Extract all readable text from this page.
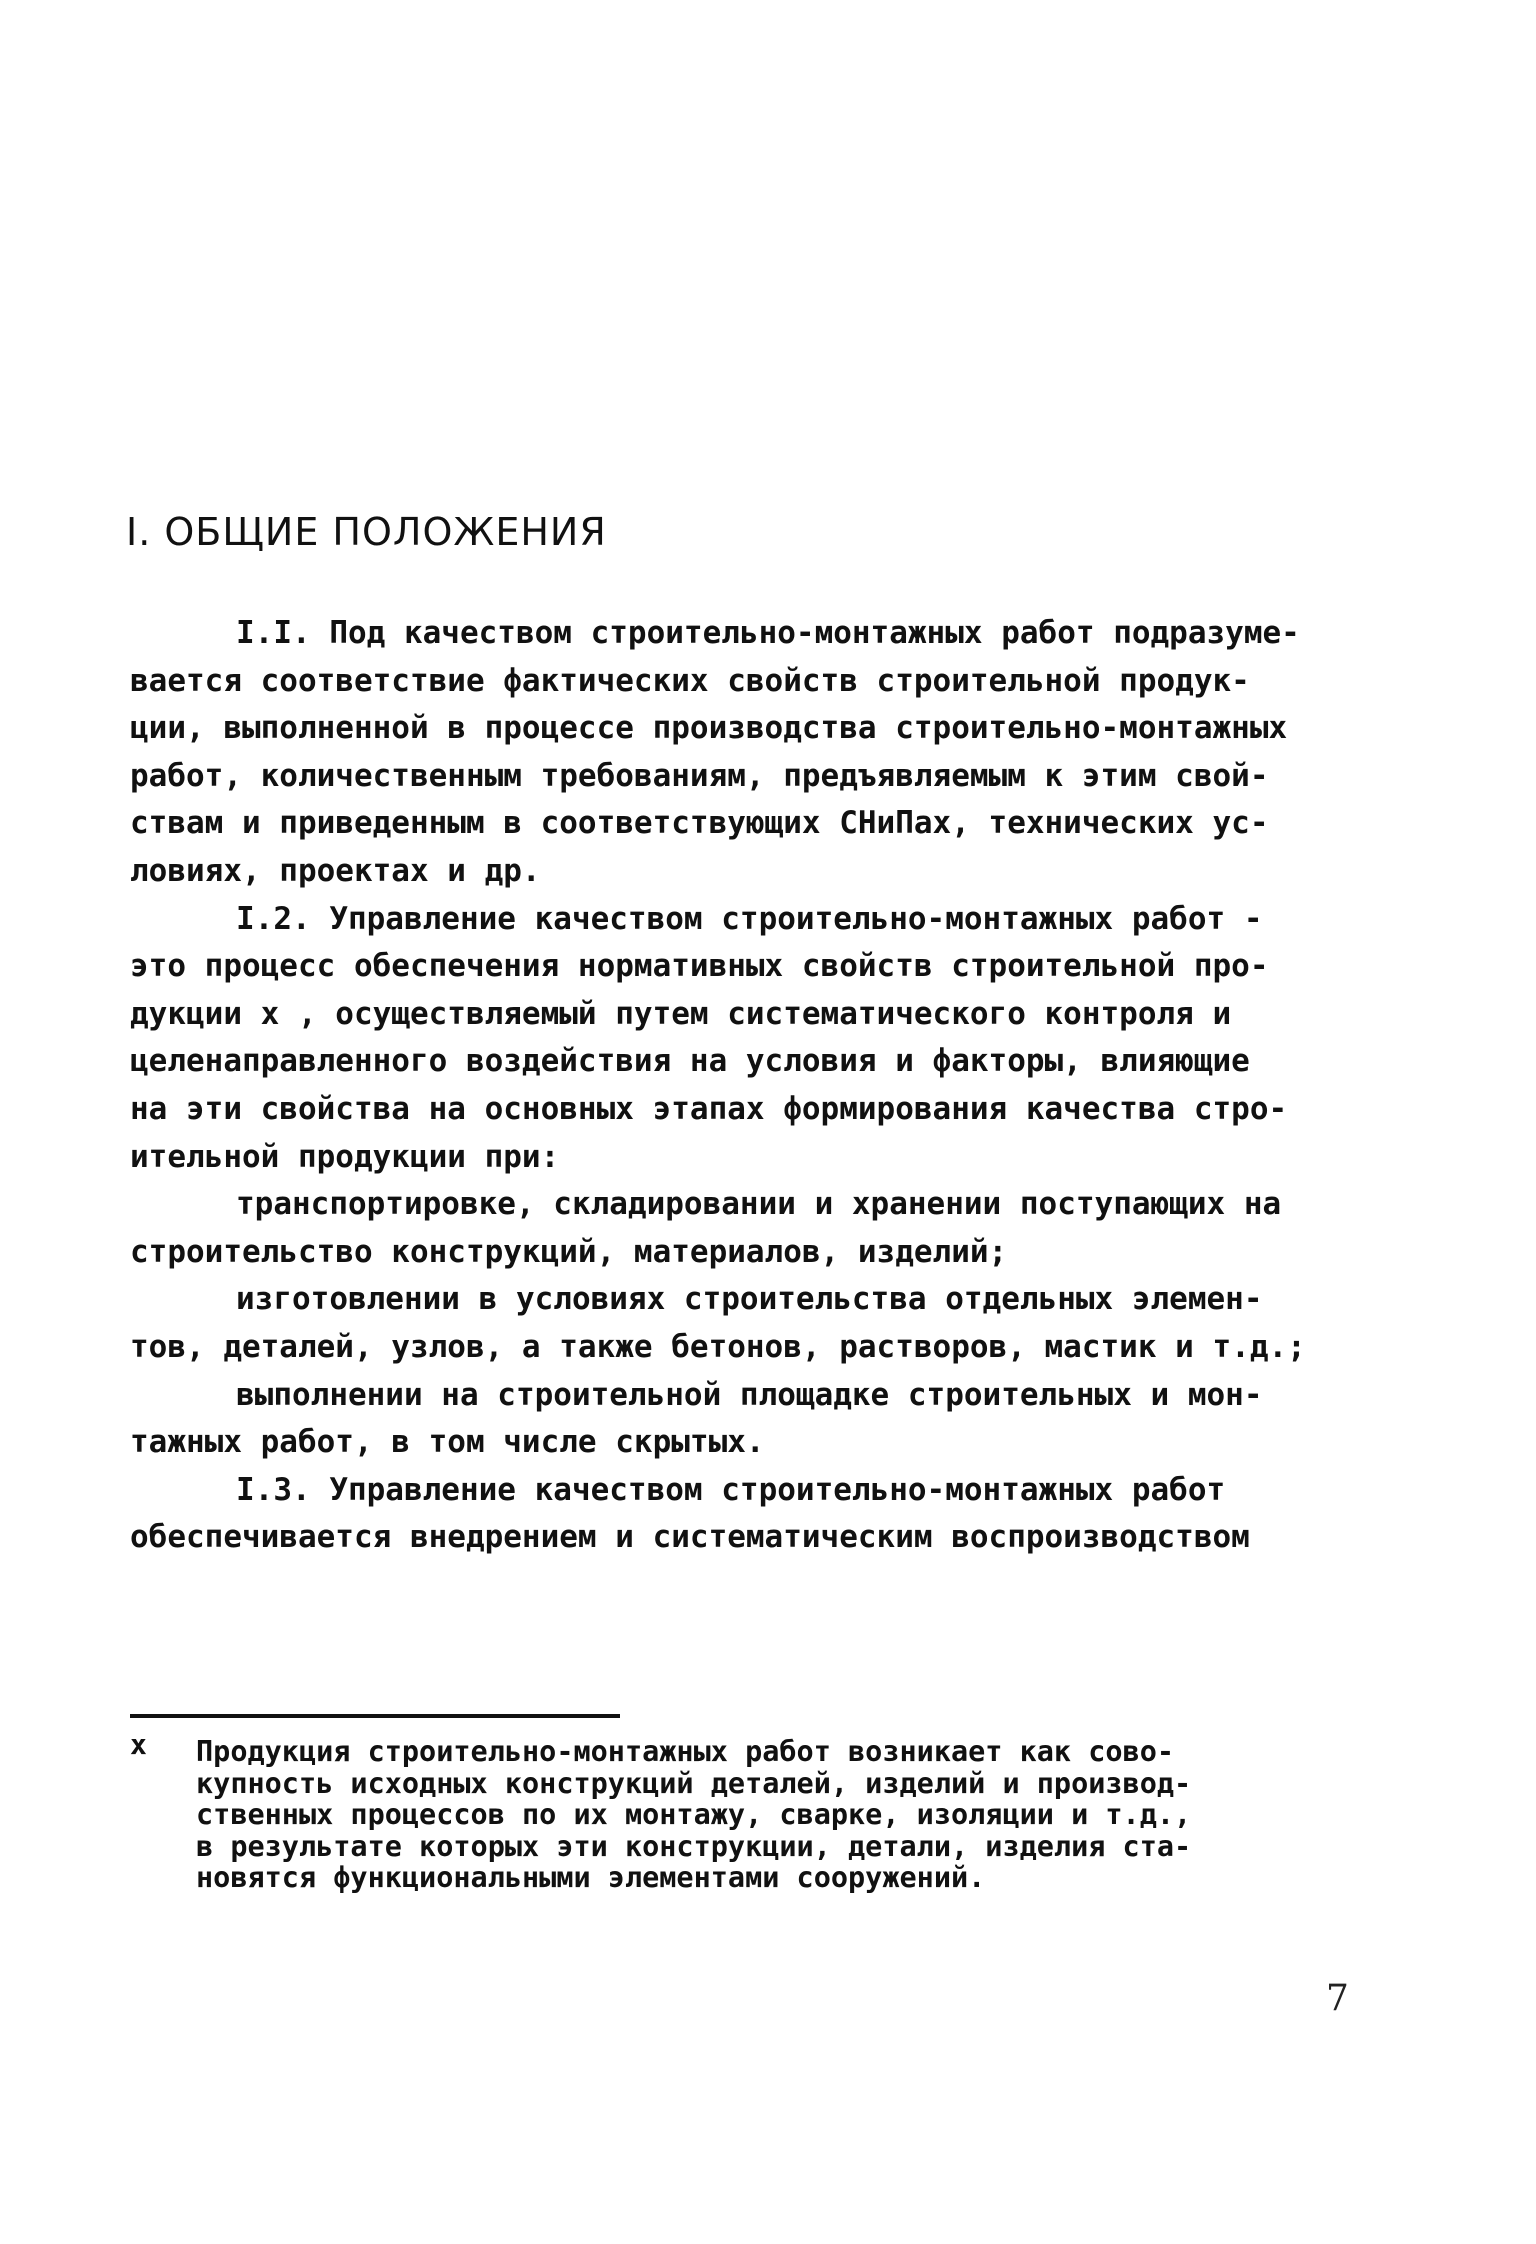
I. ОБЩИЕ ПОЛОЖЕНИЯ
I.I. Под качеством строительно-монтажных работ подразуме-
вается соответствие фактических свойств строительной продук-
ции, выполненной в процессе производства строительно-монтажных
работ, количественным требованиям, предъявляемым к этим свой-
ствам и приведенным в соответствующих СНиПах, технических ус-
ловиях, проектах и др.
I.2. Управление качеством строительно-монтажных работ -
это процесс обеспечения нормативных свойств строительной про-
дукции х , осуществляемый путем систематического контроля и
целенаправленного воздействия на условия и факторы, влияющие
на эти свойства на основных этапах формирования качества стро-
ительной продукции при:
транспортировке, складировании и хранении поступающих на
строительство конструкций, материалов, изделий;
изготовлении в условиях строительства отдельных элемен-
тов, деталей, узлов, а также бетонов, растворов, мастик и т.д.;
выполнении на строительной площадке строительных и мон-
тажных работ, в том числе скрытых.
I.3. Управление качеством строительно-монтажных работ
обеспечивается внедрением и систематическим воспроизводством
х Продукция строительно-монтажных работ возникает как сово-
купность исходных конструкций деталей, изделий и производ-
ственных процессов по их монтажу, сварке, изоляции и т.д.,
в результате которых эти конструкции, детали, изделия ста-
новятся функциональными элементами сооружений.
7
